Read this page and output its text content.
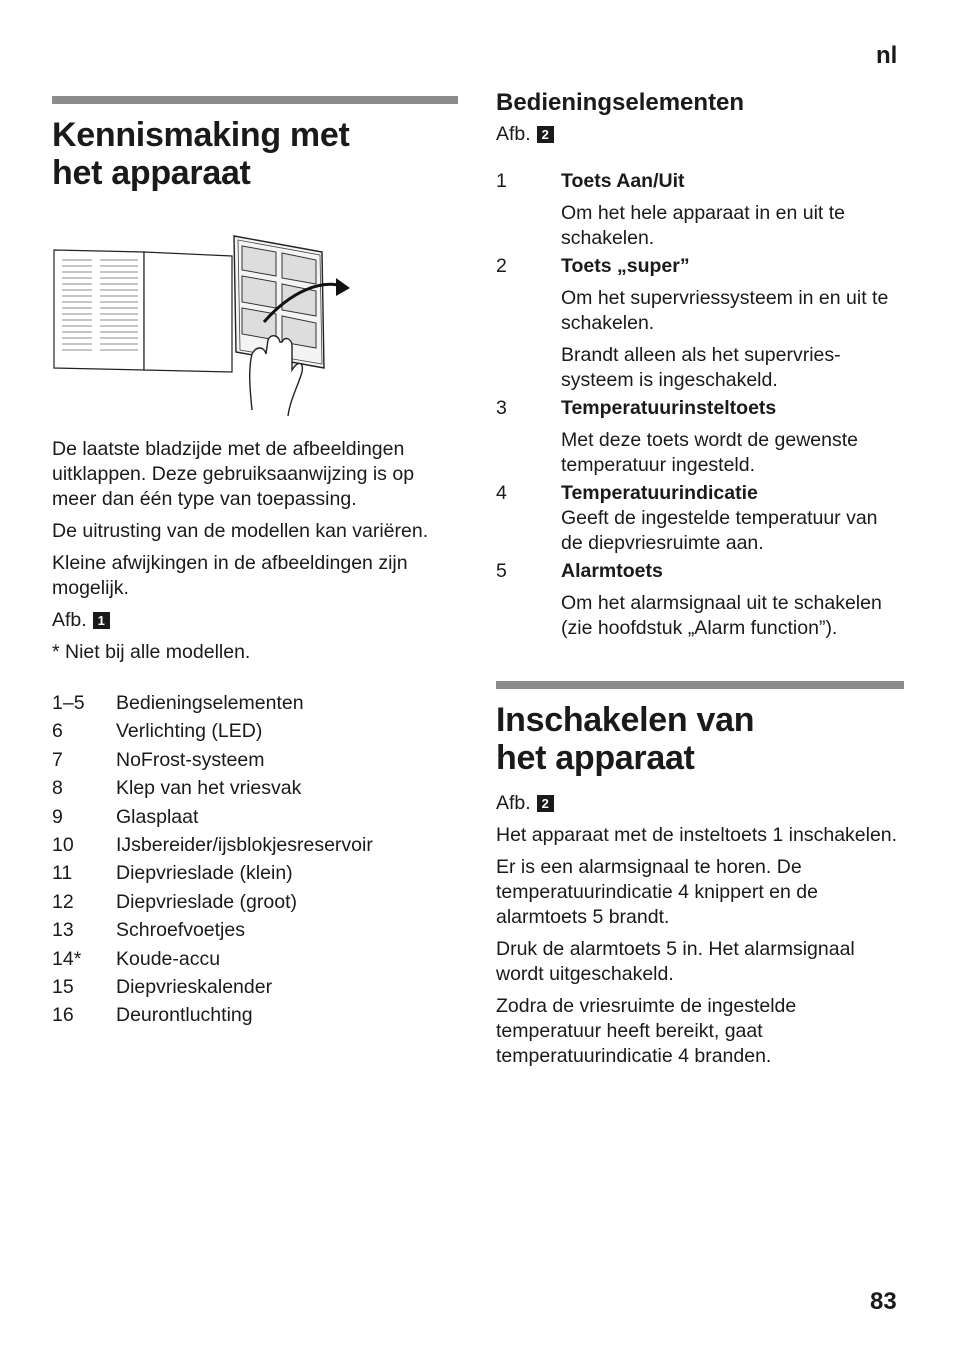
nl
Kennismaking met
het apparaat

De laatste bladzijde met de afbeeldingen uitklappen. Deze gebruiksaanwijzing is op meer dan één type van toepassing.

De uitrusting van de modellen kan variëren.

Kleine afwijkingen in de afbeeldingen zijn mogelijk.

Afb. 1

* Niet bij alle modellen.

1–5	Bedieningselementen
6	Verlichting (LED)
7	NoFrost-systeem
8	Klep van het vriesvak
9	Glasplaat
10	IJsbereider/ijsblokjesreservoir
11	Diepvrieslade (klein)
12	Diepvrieslade (groot)
13	Schroefvoetjes
14*	Koude-accu
15	Diepvrieskalender
16	Deurontluchting
Bedieningselementen
Afb. 2
1	Toets Aan/Uit

Om het hele apparaat in en uit te schakelen.

2	Toets „super”

Om het supervriessysteem in en uit te schakelen.

Brandt alleen als het supervries-systeem is ingeschakeld.

3	Temperatuurinsteltoets

Met deze toets wordt de gewenste temperatuur ingesteld.

4	Temperatuurindicatie

Geeft de ingestelde temperatuur van de diepvriesruimte aan.

5	Alarmtoets

Om het alarmsignaal uit te schakelen (zie hoofdstuk „Alarm function”).

Inschakelen van
het apparaat
Afb. 2

Het apparaat met de insteltoets 1 inschakelen.

Er is een alarmsignaal te horen. De temperatuurindicatie 4 knippert en de alarmtoets 5 brandt.

Druk de alarmtoets 5 in. Het alarmsignaal wordt uitgeschakeld.

Zodra de vriesruimte de ingestelde temperatuur heeft bereikt, gaat temperatuurindicatie 4 branden.

83
